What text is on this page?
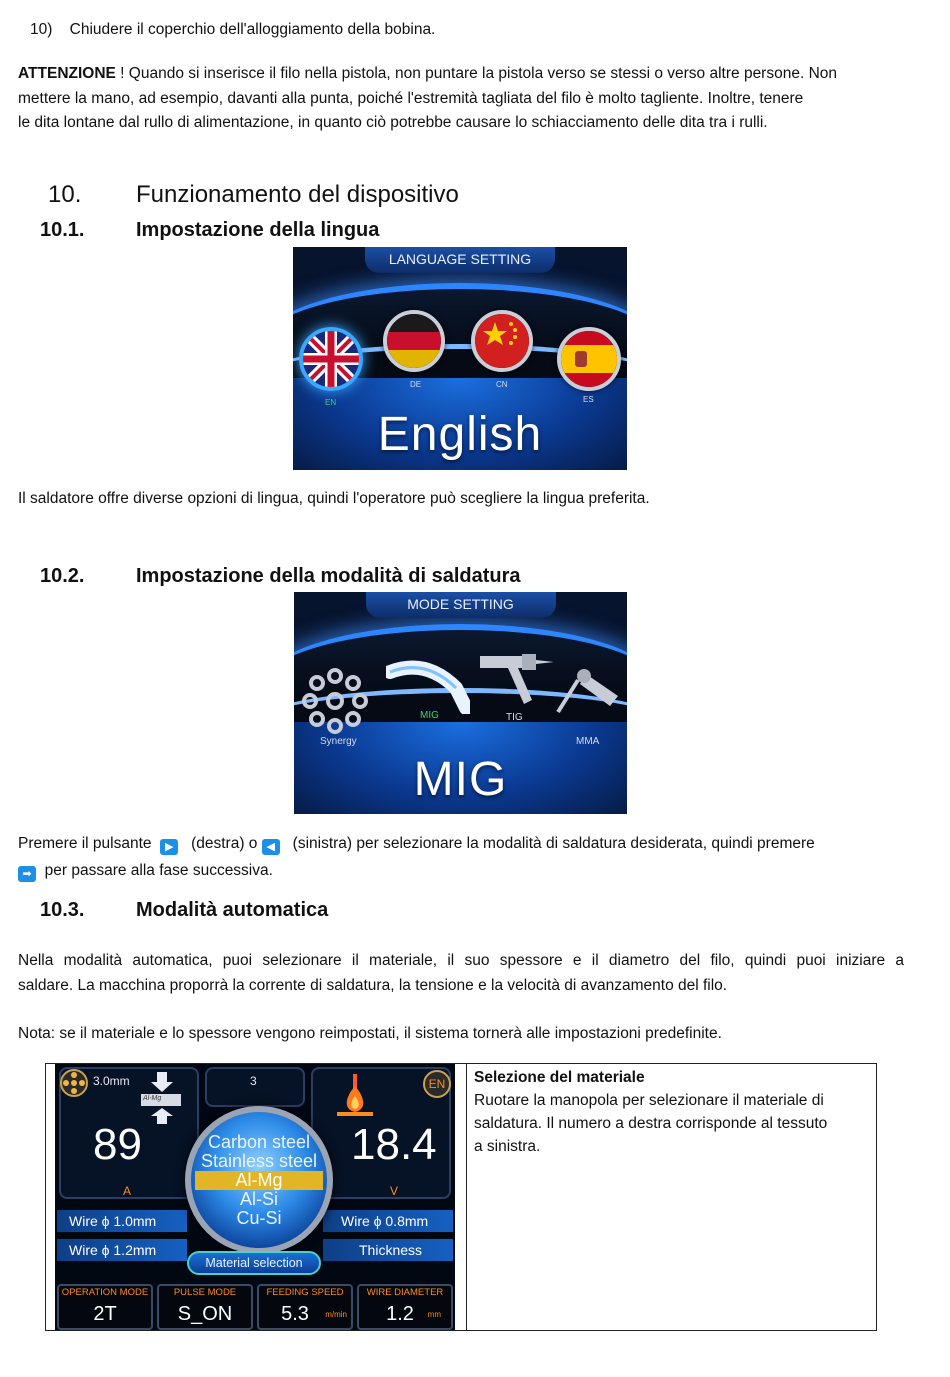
10) Chiudere il coperchio dell'alloggiamento della bobina.

ATTENZIONE ! Quando si inserisce il filo nella pistola, non puntare la pistola verso se stessi o verso altre persone. Non

mettere la mano, ad esempio, davanti alla punta, poiché l'estremità tagliata del filo è molto tagliente. Inoltre, tenere

le dita lontane dal rullo di alimentazione, in quanto ciò potrebbe causare lo schiacciamento delle dita tra i rulli.

10. Funzionamento del dispositivo
10.1.	Impostazione della lingua
LANGUAGE SETTING
EN
DE	CN
ES
English

Il saldatore offre diverse opzioni di lingua, quindi l'operatore può scegliere la lingua preferita.

10.2.	Impostazione della modalità di saldatura
MODE SETTING
Synergy
MIG	TIG
MMA
MIG

Premere il pulsante ▶ (destra) o ◀ (sinistra) per selezionare la modalità di saldatura desiderata, quindi premere

➡ per passare alla fase successiva.

10.3.	Modalità automatica

Nella modalità automatica, puoi selezionare il materiale, il suo spessore e il diametro del filo, quindi puoi iniziare a

saldare. La macchina proporrà la corrente di saldatura, la tensione e la velocità di avanzamento del filo.

Nota: se il materiale e lo spessore vengono reimpostati, il sistema tornerà alle impostazioni predefinite.

3.0mm
Al-Mg
3	EN
89
A
18.4
V
Wire ϕ 1.0mm
Wire ϕ 1.2mm
Wire ϕ 0.8mm
Thickness
Carbon steel
Stainless steel
Al-Mg
Al-Si
Cu-Si
Material selection
OPERATION MODE
2T
PULSE MODE
S_ON
FEEDING SPEED
5.3	m/min
WIRE DIAMETER
1.2	mm
Selezione del materiale
Ruotare la manopola per selezionare il materiale di
saldatura. Il numero a destra corrisponde al tessuto
a sinistra.
